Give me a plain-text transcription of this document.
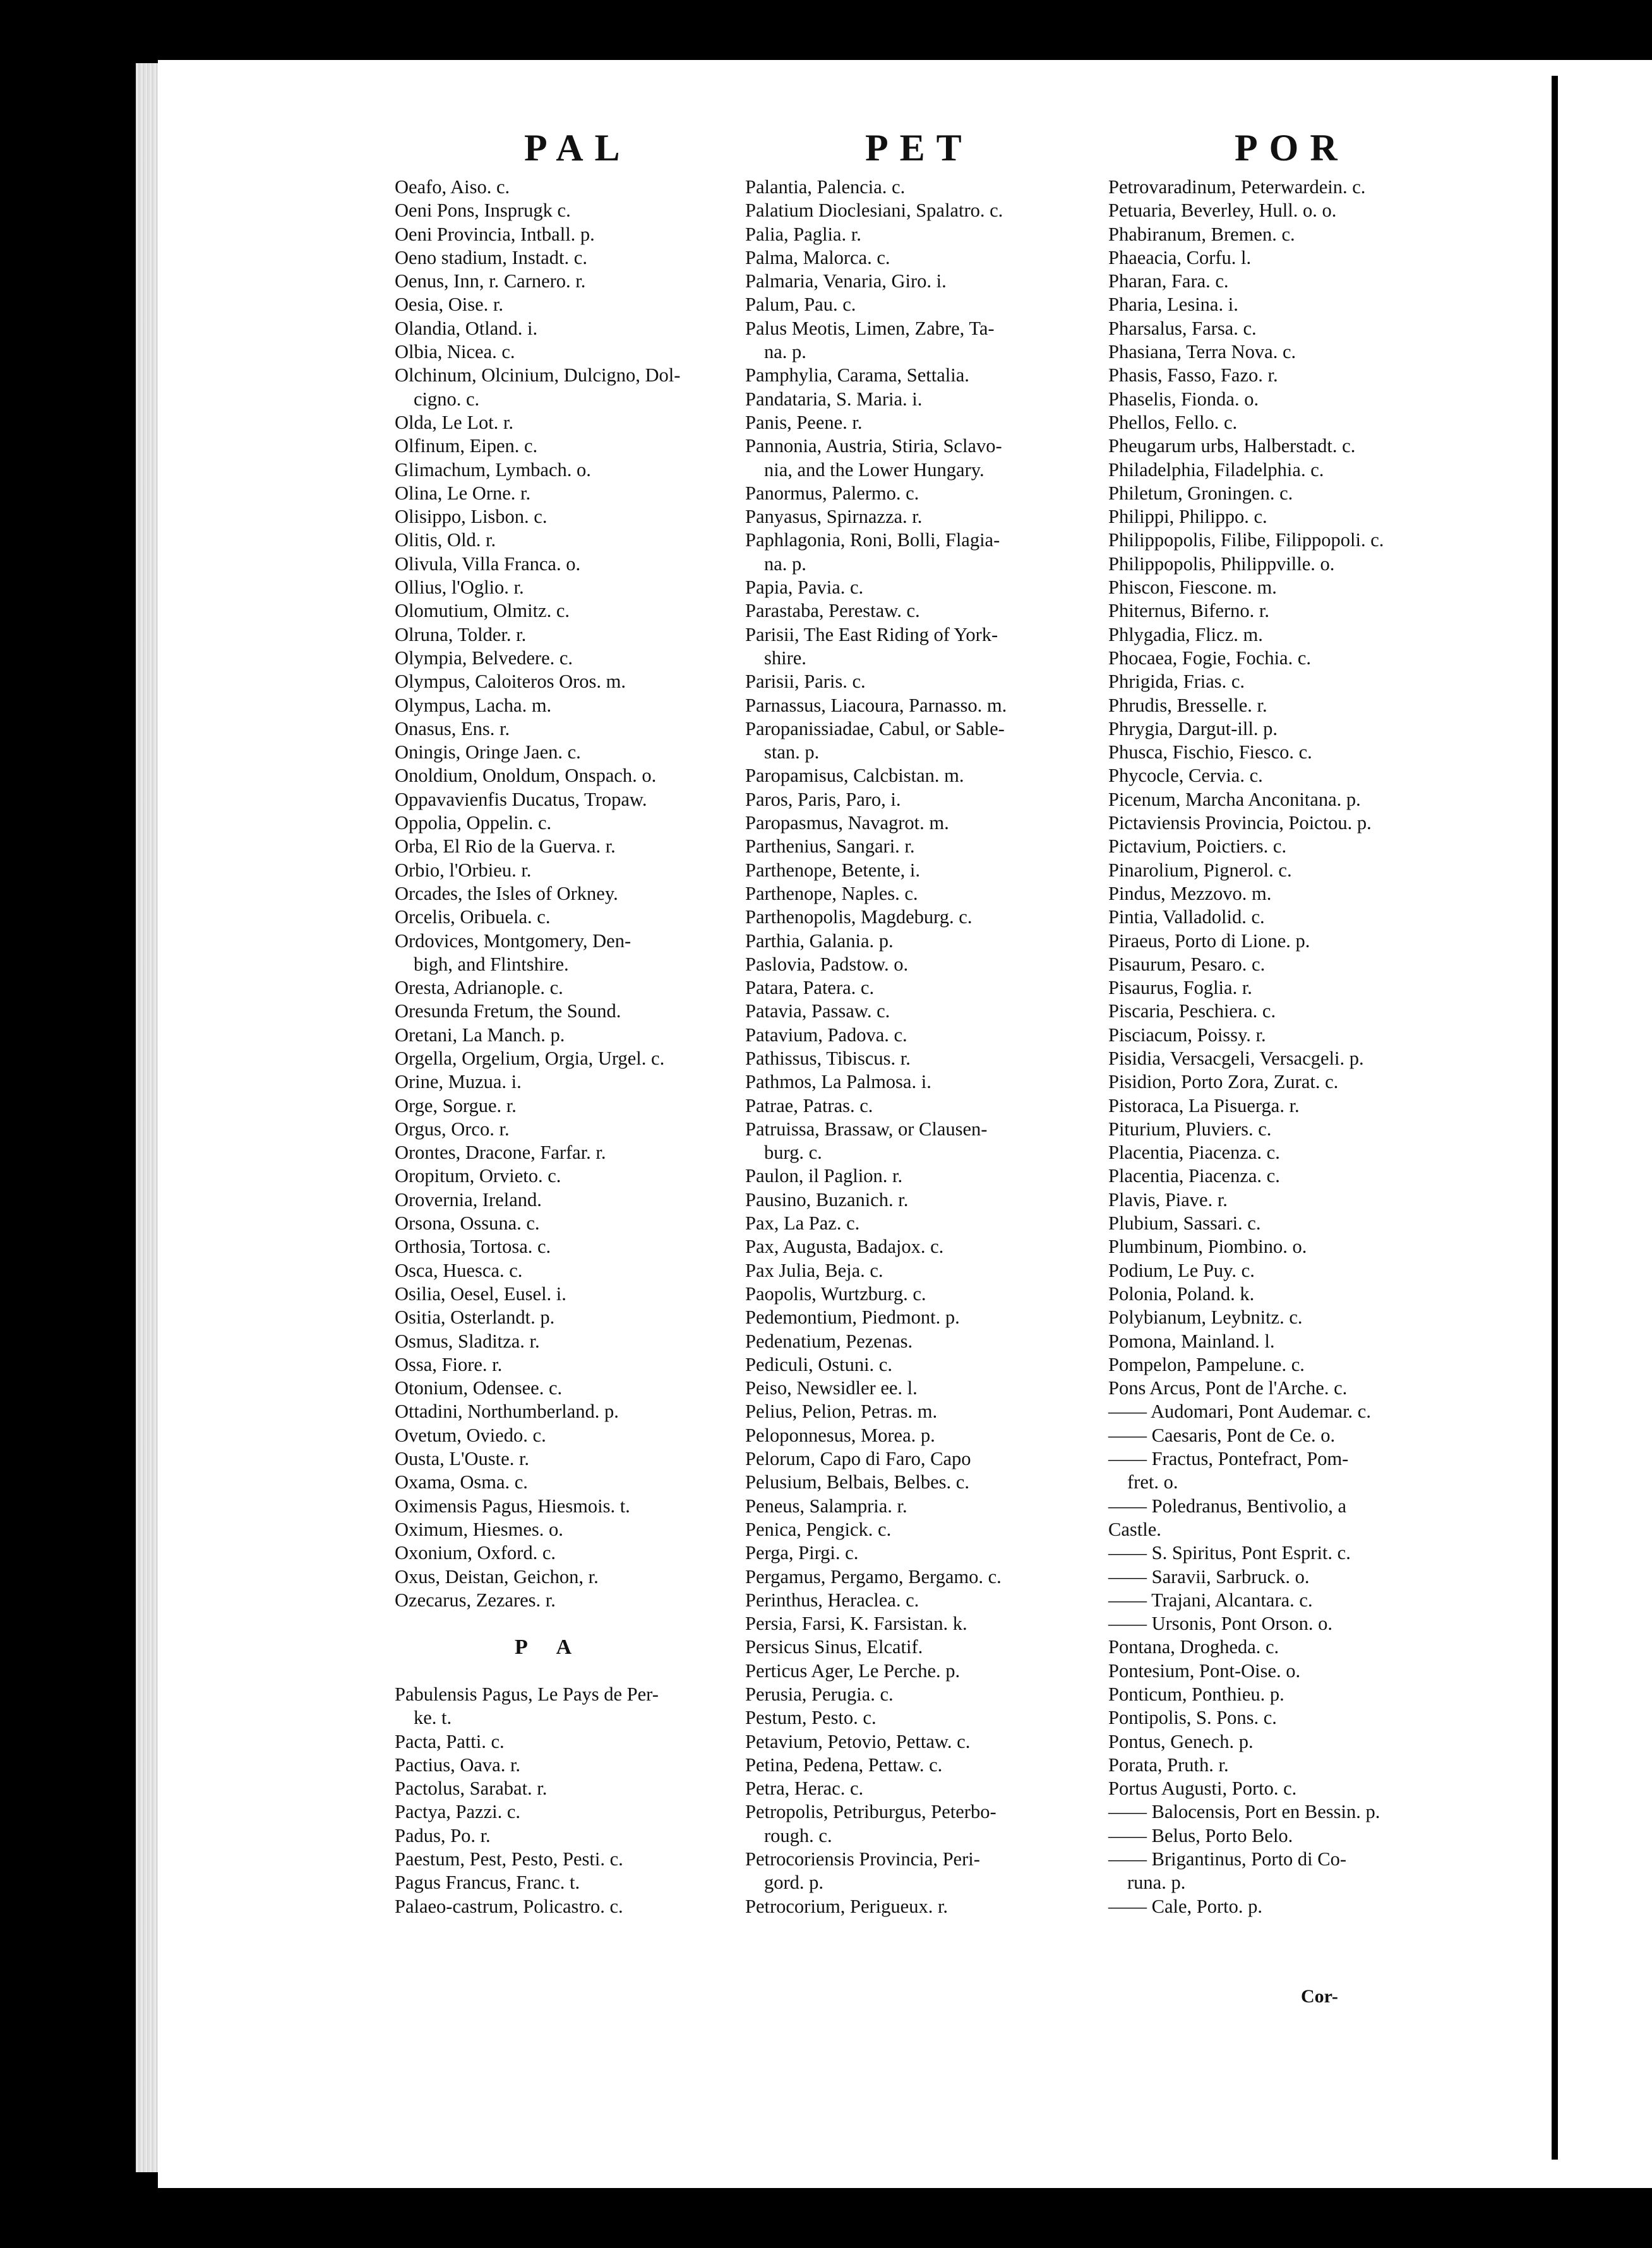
PAL	PET	POR
Oeafo, Aiso. c.
Oeni Pons, Insprugk c.
Oeni Provincia, Intball. p.
Oeno stadium, Instadt. c.
Oenus, Inn, r. Carnero. r.
Oesia, Oise. r.
Olandia, Otland. i.
Olbia, Nicea. c.
Olchinum, Olcinium, Dulcigno, Dol-
cigno. c.
Olda, Le Lot. r.
Olfinum, Eipen. c.
Glimachum, Lymbach. o.
Olina, Le Orne. r.
Olisippo, Lisbon. c.
Olitis, Old. r.
Olivula, Villa Franca. o.
Ollius, l'Oglio. r.
Olomutium, Olmitz. c.
Olruna, Tolder. r.
Olympia, Belvedere. c.
Olympus, Caloiteros Oros. m.
Olympus, Lacha. m.
Onasus, Ens. r.
Oningis, Oringe Jaen. c.
Onoldium, Onoldum, Onspach. o.
Oppavavienfis Ducatus, Tropaw.
Oppolia, Oppelin. c.
Orba, El Rio de la Guerva. r.
Orbio, l'Orbieu. r.
Orcades, the Isles of Orkney.
Orcelis, Oribuela. c.
Ordovices, Montgomery, Den-
bigh, and Flintshire.
Oresta, Adrianople. c.
Oresunda Fretum, the Sound.
Oretani, La Manch. p.
Orgella, Orgelium, Orgia, Urgel. c.
Orine, Muzua. i.
Orge, Sorgue. r.
Orgus, Orco. r.
Orontes, Dracone, Farfar. r.
Oropitum, Orvieto. c.
Orovernia, Ireland.
Orsona, Ossuna. c.
Orthosia, Tortosa. c.
Osca, Huesca. c.
Osilia, Oesel, Eusel. i.
Ositia, Osterlandt. p.
Osmus, Sladitza. r.
Ossa, Fiore. r.
Otonium, Odensee. c.
Ottadini, Northumberland. p.
Ovetum, Oviedo. c.
Ousta, L'Ouste. r.
Oxama, Osma. c.
Oximensis Pagus, Hiesmois. t.
Oximum, Hiesmes. o.
Oxonium, Oxford. c.
Oxus, Deistan, Geichon, r.
Ozecarus, Zezares. r.
P A
Pabulensis Pagus, Le Pays de Per-
ke. t.
Pacta, Patti. c.
Pactius, Oava. r.
Pactolus, Sarabat. r.
Pactya, Pazzi. c.
Padus, Po. r.
Paestum, Pest, Pesto, Pesti. c.
Pagus Francus, Franc. t.
Palaeo-castrum, Policastro. c.
Palantia, Palencia. c.
Palatium Dioclesiani, Spalatro. c.
Palia, Paglia. r.
Palma, Malorca. c.
Palmaria, Venaria, Giro. i.
Palum, Pau. c.
Palus Meotis, Limen, Zabre, Ta-
na. p.
Pamphylia, Carama, Settalia.
Pandataria, S. Maria. i.
Panis, Peene. r.
Pannonia, Austria, Stiria, Sclavo-
nia, and the Lower Hungary.
Panormus, Palermo. c.
Panyasus, Spirnazza. r.
Paphlagonia, Roni, Bolli, Flagia-
na. p.
Papia, Pavia. c.
Parastaba, Perestaw. c.
Parisii, The East Riding of York-
shire.
Parisii, Paris. c.
Parnassus, Liacoura, Parnasso. m.
Paropanissiadae, Cabul, or Sable-
stan. p.
Paropamisus, Calcbistan. m.
Paros, Paris, Paro, i.
Paropasmus, Navagrot. m.
Parthenius, Sangari. r.
Parthenope, Betente, i.
Parthenope, Naples. c.
Parthenopolis, Magdeburg. c.
Parthia, Galania. p.
Paslovia, Padstow. o.
Patara, Patera. c.
Patavia, Passaw. c.
Patavium, Padova. c.
Pathissus, Tibiscus. r.
Pathmos, La Palmosa. i.
Patrae, Patras. c.
Patruissa, Brassaw, or Clausen-
burg. c.
Paulon, il Paglion. r.
Pausino, Buzanich. r.
Pax, La Paz. c.
Pax, Augusta, Badajox. c.
Pax Julia, Beja. c.
Paopolis, Wurtzburg. c.
Pedemontium, Piedmont. p.
Pedenatium, Pezenas.
Pediculi, Ostuni. c.
Peiso, Newsidler ee. l.
Pelius, Pelion, Petras. m.
Peloponnesus, Morea. p.
Pelorum, Capo di Faro, Capo
Pelusium, Belbais, Belbes. c.
Peneus, Salampria. r.
Penica, Pengick. c.
Perga, Pirgi. c.
Pergamus, Pergamo, Bergamo. c.
Perinthus, Heraclea. c.
Persia, Farsi, K. Farsistan. k.
Persicus Sinus, Elcatif.
Perticus Ager, Le Perche. p.
Perusia, Perugia. c.
Pestum, Pesto. c.
Petavium, Petovio, Pettaw. c.
Petina, Pedena, Pettaw. c.
Petra, Herac. c.
Petropolis, Petriburgus, Peterbo-
rough. c.
Petrocoriensis Provincia, Peri-
gord. p.
Petrocorium, Perigueux. r.
Petrovaradinum, Peterwardein. c.
Petuaria, Beverley, Hull. o. o.
Phabiranum, Bremen. c.
Phaeacia, Corfu. l.
Pharan, Fara. c.
Pharia, Lesina. i.
Pharsalus, Farsa. c.
Phasiana, Terra Nova. c.
Phasis, Fasso, Fazo. r.
Phaselis, Fionda. o.
Phellos, Fello. c.
Pheugarum urbs, Halberstadt. c.
Philadelphia, Filadelphia. c.
Philetum, Groningen. c.
Philippi, Philippo. c.
Philippopolis, Filibe, Filippopoli. c.
Philippopolis, Philippville. o.
Phiscon, Fiescone. m.
Phiternus, Biferno. r.
Phlygadia, Flicz. m.
Phocaea, Fogie, Fochia. c.
Phrigida, Frias. c.
Phrudis, Bresselle. r.
Phrygia, Dargut-ill. p.
Phusca, Fischio, Fiesco. c.
Phycocle, Cervia. c.
Picenum, Marcha Anconitana. p.
Pictaviensis Provincia, Poictou. p.
Pictavium, Poictiers. c.
Pinarolium, Pignerol. c.
Pindus, Mezzovo. m.
Pintia, Valladolid. c.
Piraeus, Porto di Lione. p.
Pisaurum, Pesaro. c.
Pisaurus, Foglia. r.
Piscaria, Peschiera. c.
Pisciacum, Poissy. r.
Pisidia, Versacgeli, Versacgeli. p.
Pisidion, Porto Zora, Zurat. c.
Pistoraca, La Pisuerga. r.
Piturium, Pluviers. c.
Placentia, Piacenza. c.
Placentia, Piacenza. c.
Plavis, Piave. r.
Plubium, Sassari. c.
Plumbinum, Piombino. o.
Podium, Le Puy. c.
Polonia, Poland. k.
Polybianum, Leybnitz. c.
Pomona, Mainland. l.
Pompelon, Pampelune. c.
Pons Arcus, Pont de l'Arche. c.
—— Audomari, Pont Audemar. c.
—— Caesaris, Pont de Ce. o.
—— Fractus, Pontefract, Pom-
fret. o.
—— Poledranus, Bentivolio, a
Castle.
—— S. Spiritus, Pont Esprit. c.
—— Saravii, Sarbruck. o.
—— Trajani, Alcantara. c.
—— Ursonis, Pont Orson. o.
Pontana, Drogheda. c.
Pontesium, Pont-Oise. o.
Ponticum, Ponthieu. p.
Pontipolis, S. Pons. c.
Pontus, Genech. p.
Porata, Pruth. r.
Portus Augusti, Porto. c.
—— Balocensis, Port en Bessin. p.
—— Belus, Porto Belo.
—— Brigantinus, Porto di Co-
runa. p.
—— Cale, Porto. p.
Cor-
